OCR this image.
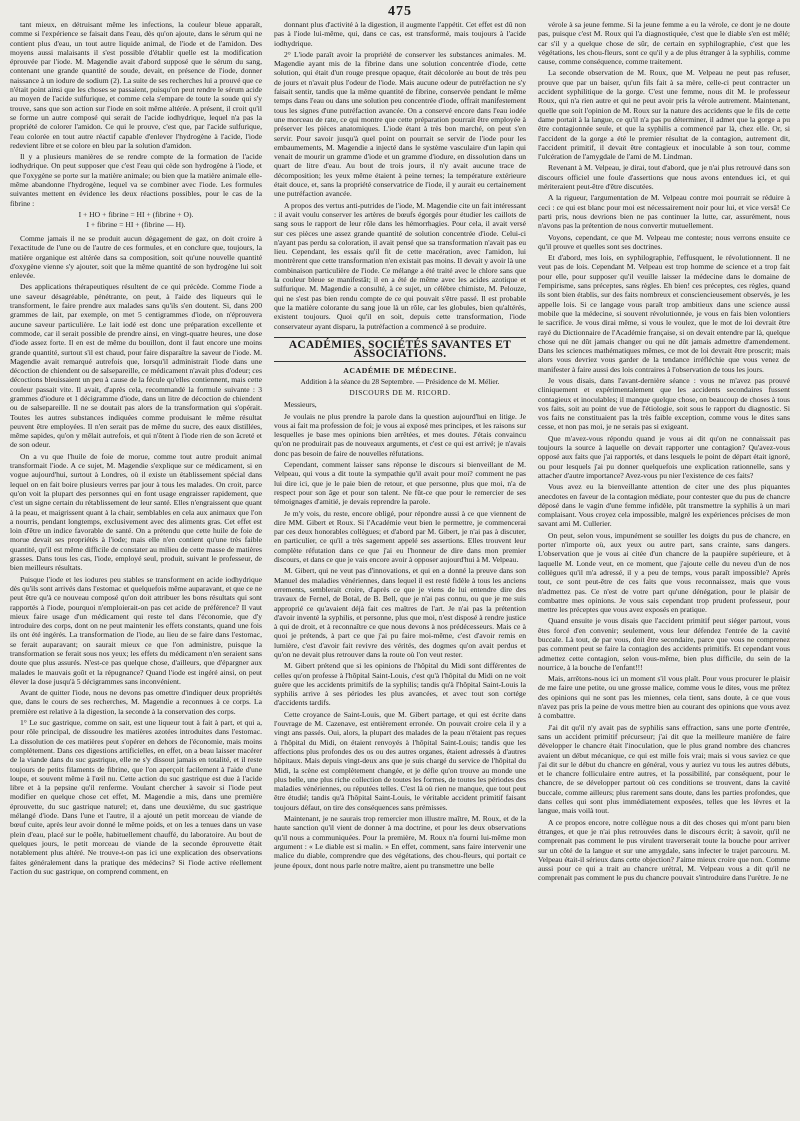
475

tant mieux, en détruisant même les infections, la couleur bleue apparaît, comme si l'expérience se faisait dans l'eau, dès qu'on ajoute, dans le sérum qui ne contient plus d'eau, un tout autre liquide animal, de l'iode et de l'amidon. Des moyens aussi malaisants il s'est possible d'établir quelle est la modification éprouvée par l'iode. M. Magendie avait d'abord supposé que le sérum du sang, contenant une grande quantité de soude, devait, en présence de l'iode, donner naissance à un iodure de sodium (2). La suite de ses recherches lui a prouvé que ce n'était point ainsi que les choses se passaient, puisqu'on peut rendre le sérum acide au moyen de l'acide sulfurique, et comme cela s'empare de toute la soude qui s'y trouve, sans que son action sur l'iode en soit même altérée. A présent, il croit qu'il se forme un autre composé qui serait de l'acide iodhydrique, lequel n'a pas la propriété de colorer l'amidon. Ce qui le prouve, c'est que, par l'acide sulfurique, l'eau colorée en tout autre réactif capable d'enlever l'hydrogène à l'acide, l'iode redevient libre et se colore en bleu par la solution d'amidon.

Il y a plusieurs manières de se rendre compte de la formation de l'acide iodhydrique. On peut supposer que c'est l'eau qui cède son hydrogène à l'iode, et que l'oxygène se porte sur la matière animale; ou bien que la matière animale elle-même abandonne l'hydrogène, lequel va se combiner avec l'iode. Les formules suivantes mettent en évidence les deux réactions possibles, pour le cas de la fibrine :

I + HO + fibrine = HI + (fibrine + O).
I + fibrine = HI + (fibrine — H).

Comme jamais il ne se produit aucun dégagement de gaz, on doit croire à l'exactitude de l'une ou de l'autre de ces formules, et en conclure que, toujours, la matière organique est altérée dans sa composition, soit qu'une nouvelle quantité d'oxygène vienne s'y ajouter, soit que la même quantité de son hydrogène lui soit enlevée.

Des applications thérapeutiques résultent de ce qui précède. Comme l'iode a une saveur désagréable, pénétrante, on peut, à l'aide des liqueurs qui le transforment, le faire prendre aux malades sans qu'ils s'en doutent. Si, dans 200 grammes de lait, par exemple, on met 5 centigrammes d'iode, on n'éprouvera aucune saveur particulière. Le lait iodé est donc une préparation excellente et commode, car il serait possible de prendre ainsi, en vingt-quatre heures, une dose d'iode assez forte. Il en est de même du bouillon, dont il faut encore une moins grande quantité, surtout s'il est chaud, pour faire disparaître la saveur de l'iode. M. Magendie avait remarqué autrefois que, lorsqu'il administrait l'iode dans une décoction de chiendent ou de salsepareille, ce médicament n'avait plus d'odeur; ces décoctions bleuissaient un peu à cause de la fécule qu'elles contiennent, mais cette couleur passait vite. Il avait, d'après cela, recommandé la formule suivante : 3 grammes d'iodure et 1 décigramme d'iode, dans un litre de décoction de chiendent ou de salsepareille. Il ne se doutait pas alors de la transformation qui s'opérait. Toutes les autres substances indiquées comme produisant le même résultat peuvent être employées. Il n'en serait pas de même du sucre, des eaux distillées, même sapides, qu'on y mêlait autrefois, et qui n'ôtent à l'iode rien de son âcreté et de son odeur.

On a vu que l'huile de foie de morue, comme tout autre produit animal transformait l'iode. A ce sujet, M. Magendie s'explique sur ce médicament, si en vogue aujourd'hui, surtout à Londres, où il existe un établissement spécial dans lequel on en fait boire plusieurs verres par jour à tous les malades. On croit, parce qu'on voit la plupart des personnes qui en font usage engraisser rapidement, que c'est un signe certain du rétablissement de leur santé. Elles n'engraissent que quant à la peau, et maigrissent quant à la chair, semblables en cela aux animaux que l'on a nourris, pendant longtemps, exclusivement avec des aliments gras. Cet effet est loin d'être un indice favorable de santé. On a prétendu que cette huile de foie de morue devait ses propriétés à l'iode; mais elle n'en contient qu'une très faible quantité, qu'il est même difficile de constater au milieu de cette masse de matières grasses. Dans tous les cas, l'iode, employé seul, produit, suivant le professeur, de bien meilleurs résultats.

Puisque l'iode et les iodures peu stables se transforment en acide iodhydrique dès qu'ils sont arrivés dans l'estomac et quelquefois même auparavant, et que ce ne peut être qu'à ce nouveau composé qu'on doit attribuer les bons résultats qui sont rapportés à l'iode, pourquoi n'emploierait-on pas cet acide de préférence? Il vaut mieux faire usage d'un médicament qui reste tel dans l'économie, que d'y introduire des corps, dont on ne peut maintenir les effets constants, quand une fois ils ont été ingérés. La transformation de l'iode, au lieu de se faire dans l'estomac, se ferait auparavant; on saurait mieux ce que l'on administre, puisque la transformation se ferait sous nos yeux; les effets du médicament n'en seraient sans doute que plus assurés. N'est-ce pas quelque chose, d'ailleurs, que d'épargner aux malades le mauvais goût et la répugnance? Quand l'iode est ingéré ainsi, on peut élever la dose jusqu'à 5 décigrammes sans inconvénient.

Avant de quitter l'iode, nous ne devons pas omettre d'indiquer deux propriétés que, dans le cours de ses recherches, M. Magendie a reconnues à ce corps. La première est relative à la digestion, la seconde à la conservation des corps.

1° Le suc gastrique, comme on sait, est une liqueur tout à fait à part, et qui a, pour rôle principal, de dissoudre les matières azotées introduites dans l'estomac. La dissolution de ces matières peut s'opérer en dehors de l'économie, mais moins complètement. Dans ces digestions artificielles, en effet, on a beau laisser macérer de la viande dans du suc gastrique, elle ne s'y dissout jamais en totalité, et il reste toujours de petits filaments de fibrine, que l'on aperçoit facilement à l'aide d'une loupe, et souvent même à l'œil nu. Cette action du suc gastrique est due à l'acide libre et à la pepsine qu'il renferme. Voulant chercher à savoir si l'iode peut modifier en quelque chose cet effet, M. Magendie a mis, dans une première éprouvette, du suc gastrique naturel; et, dans une deuxième, du suc gastrique mélangé d'iode. Dans l'une et l'autre, il a ajouté un petit morceau de viande de bœuf cuite, après leur avoir donné le même poids, et on les a tenues dans un vase plein d'eau, placé sur le poêle, habituellement chauffé, du laboratoire. Au bout de quelques jours, le petit morceau de viande de la seconde éprouvette était notablement plus altéré. Ne trouve-t-on pas ici une explication des observations faites généralement dans la pratique des médecins? Si l'iode active réellement l'action du suc gastrique, on comprend comment, en

donnant plus d'activité à la digestion, il augmente l'appétit. Cet effet est dû non pas à l'iode lui-même, qui, dans ce cas, est transformé, mais toujours à l'acide iodhydrique.

2° L'iode paraît avoir la propriété de conserver les substances animales. M. Magendie ayant mis de la fibrine dans une solution concentrée d'iode, cette solution, qui était d'un rouge presque opaque, était décolorée au bout de très peu de jours et n'avait plus l'odeur de l'iode. Mais aucune odeur de putréfaction ne s'y faisait sentir, tandis que la même quantité de fibrine, conservée pendant le même temps dans l'eau ou dans une solution peu concentrée d'iode, offrait manifestement tous les signes d'une putréfaction avancée. On a conservé encore dans l'eau iodée une morceau de rate, ce qui montre que cette préparation pourrait être employée à préserver les pièces anatomiques. L'iode étant à très bon marché, on peut s'en servir. Pour savoir jusqu'à quel point on pourrait se servir de l'iode pour les embaumements, M. Magendie a injecté dans le système vasculaire d'un lapin qui venait de mourir un gramme d'iode et un gramme d'iodure, en dissolution dans un quart de litre d'eau. Au bout de trois jours, il n'y avait aucune trace de décomposition; les yeux même étaient à peine ternes; la température extérieure était douce, et, sans la propriété conservatrice de l'iode, il y aurait eu certainement une putréfaction avancée.

A propos des vertus anti-putrides de l'iode, M. Magendie cite un fait intéressant : il avait voulu conserver les artères de bœufs égorgés pour étudier les caillots de sang sous le rapport de leur rôle dans les hémorrhagies. Pour cela, il avait versé sur ces pièces une assez grande quantité de solution concentrée d'iode. Celui-ci n'ayant pas perdu sa coloration, il avait pensé que sa transformation n'avait pas eu lieu. Cependant, les essais qu'il fit de cette macération, avec l'amidon, lui montrèrent que cette transformation n'en existait pas moins. Il devait y avoir là une combinaison particulière de l'iode. Ce mélange a été traité avec le chlore sans que la couleur bleue se manifestât; il en a été de même avec les acides azotique et sulfurique. M. Magendie a consulté, à ce sujet, un célèbre chimiste, M. Pelouze, qui ne s'est pas bien rendu compte de ce qui pouvait s'être passé. Il est probable que la matière colorante du sang joue là un rôle, car les globules, bien qu'altérés, existent toujours. Quoi qu'il en soit, depuis cette transformation, l'iode conservateur ayant disparu, la putréfaction a commencé à se produire.

ACADÉMIES, SOCIÉTÉS SAVANTES ET ASSOCIATIONS.
ACADÉMIE DE MÉDECINE.
Addition à la séance du 28 Septembre. — Présidence de M. Mélier.
DISCOURS DE M. RICORD.

Messieurs,

Je voulais ne plus prendre la parole dans la question aujourd'hui en litige. Je vous ai fait ma profession de foi; je vous ai exposé mes principes, et les raisons sur lesquelles je base mes opinions bien arrêtées, et mes doutes. J'étais convaincu qu'on ne produirait pas de nouveaux arguments, et c'est ce qui est arrivé; je n'avais donc pas besoin de faire de nouvelles réfutations.

Cependant, comment laisser sans réponse le discours si bienveillant de M. Velpeau, qui vous a dit toute la sympathie qu'il avait pour moi? comment ne pas lui dire ici, que je le paie bien de retour, et que personne, plus que moi, n'a de respect pour son âge et pour son talent. Ne fût-ce que pour le remercier de ses témoignages d'amitié, je devais reprendre la parole.

Je m'y vois, du reste, encore obligé, pour répondre aussi à ce que viennent de dire MM. Gibert et Roux. Si l'Académie veut bien le permettre, je commencerai par ces deux honorables collègues; et d'abord par M. Gibert, je n'ai pas à discuter, en particulier, ce qu'il a très sagement appelé ses assertions. Elles trouvent leur complète réfutation dans ce que j'ai eu l'honneur de dire dans mon premier discours, et dans ce que je vais encore avoir à opposer aujourd'hui à M. Velpeau.

M. Gibert, qui ne veut pas d'innovations, et qui en a donné la preuve dans son Manuel des maladies vénériennes, dans lequel il est resté fidèle à tous les anciens errements, semblerait croire, d'après ce que je viens de lui entendre dire des travaux de Fernel, de Botal, de B. Bell, que je n'ai pas connu, ou que je me suis approprié ce qu'avaient déjà fait ces maîtres de l'art. Je n'ai pas la prétention d'avoir inventé la syphilis, et personne, plus que moi, n'est disposé à rendre justice à qui de droit, et à reconnaître ce que nous devons à nos prédécesseurs. Mais ce à quoi je prétends, à part ce que j'ai pu faire moi-même, c'est d'avoir remis en lumière, c'est d'avoir fait revivre des vérités, des dogmes qu'on avait perdus et qu'on ne devait plus retrouver dans la route où l'on veut rester.

M. Gibert prétend que si les opinions de l'hôpital du Midi sont différentes de celles qu'on professe à l'hôpital Saint-Louis, c'est qu'à l'hôpital du Midi on ne voit guère que les accidents primitifs de la syphilis; tandis qu'à l'hôpital Saint-Louis la syphilis arrive à ses périodes les plus avancées, et avec tout son cortége d'accidents tardifs.

Cette croyance de Saint-Louis, que M. Gibert partage, et qui est écrite dans l'ouvrage de M. Cazenave, est entièrement erronée. On pouvait croire cela il y a vingt ans passés. Oui, alors, la plupart des malades de la peau n'étaient pas reçues à l'hôpital du Midi, on étaient renvoyés à l'hôpital Saint-Louis; tandis que les affections plus profondes des os ou des autres organes, étaient adressés à d'autres hôpitaux. Mais depuis vingt-deux ans que je suis chargé du service de l'hôpital du Midi, la scène est complètement changée, et je défie qu'on trouve au monde une plus belle, une plus riche collection de toutes les formes, de toutes les périodes des maladies vénériennes, ou réputées telles. C'est là où rien ne manque, que tout peut être étudié; tandis qu'à l'hôpital Saint-Louis, le véritable accident primitif faisant toujours défaut, on tire des conséquences sans prémisses.

Maintenant, je ne saurais trop remercier mon illustre maître, M. Roux, et de la haute sanction qu'il vient de donner à ma doctrine, et pour les deux observations qu'il nous a communiquées. Pour la première, M. Roux n'a fourni lui-même mon argument : « Le diable est si malin. » En effet, comment, sans faire intervenir une malice du diable, comprendre que des végétations, des chou-fleurs, qui portait ce jeune époux, dont nous parle notre maître, aient pu transmettre une belle

vérole à sa jeune femme. Si la jeune femme a eu la vérole, ce dont je ne doute pas, puisque c'est M. Roux qui l'a diagnostiquée, c'est que le diable s'en est mêlé; car s'il y a quelque chose de sûr, de certain en syphilographie, c'est que les végétations, les chou-fleurs, sont ce qu'il y a de plus étranger à la syphilis, comme cause, comme conséquence, comme traitement.

La seconde observation de M. Roux, que M. Velpeau ne peut pas refuser, prouve que par un baiser, qu'un fils fait à sa mère, celle-ci peut contracter un accident syphilitique de la gorge. C'est une femme, nous dit M. le professeur Roux, qui n'a rien autre et qui ne peut avoir pris la vérole autrement. Maintenant, quelle que soit l'opinion de M. Roux sur la nature des accidents que le fils de cette dame portait à la langue, ce qu'il n'a pas pu déterminer, il admet que la gorge a pu être contagionnée seule, et que la syphilis a commencé par là, chez elle. Or, si l'accident de la gorge a été le premier résultat de la contagion, autrement dit, l'accident primitif, il devait être contagieux et inoculable à son tour, comme l'ulcération de l'amygdale de l'ami de M. Lindman.

Revenant à M. Velpeau, je dirai, tout d'abord, que je n'ai plus retrouvé dans son discours officiel une foule d'assertions que nous avons entendues ici, et qui mériteraient peut-être d'être discutées.

A la rigueur, l'argumentation de M. Velpeau contre moi pourrait se réduire à ceci : ce qui est blanc pour moi est nécessairement noir pour lui, et vice versâ! Ce parti pris, nous devrions bien ne pas continuer la lutte, car, assurément, nous n'avons pas la prétention de nous convertir mutuellement.

Voyons, cependant, ce que M. Velpeau me conteste; nous verrons ensuite ce qu'il prouve et quelles sont ses doctrines.

Et d'abord, mes lois, en syphilographie, l'effusquent, le révolutionnent. Il ne veut pas de lois. Cependant M. Velpeau est trop homme de science et a trop fait pour elle, pour supposer qu'il veuille laisser la médecine dans le domaine de l'empirisme, sans préceptes, sans règles. Eh bien! ces préceptes, ces règles, quand ils sont bien établis, sur des faits nombreux et consciencieusement observés, je les appelle lois. Si ce langage vous paraît trop ambitieux dans une science aussi mobile que la médecine, si souvent révolutionnée, je vous en fais bien volontiers le sacrifice. Je vous dirai même, si vous le voulez, que le mot de loi devrait être rayé du Dictionnaire de l'Académie française, si on devait entendre par là, quelque chose qui ne dût jamais changer ou qui ne dût jamais admettre d'amendement. Dans les sciences mathématiques mêmes, ce mot de loi devrait être proscrit; mais alors vous devriez vous garder de la tendance irréfléchie que vous venez de manifester à faire aussi des lois contraires à l'observation de tous les jours.

Je vous disais, dans l'avant-dernière séance : vous ne m'avez pas prouvé cliniquement et expérimentalement que les accidents secondaires fussent contagieux et inoculables; il manque quelque chose, on beaucoup de choses à tous vos faits, soit au point de vue de l'étiologie, soit sous le rapport du diagnostic. Si vos faits ne constituaient pas la très faible exception, comme vous le dites sans cesse, et non pas moi, je ne serais pas si exigeant.

Que m'avez-vous répondu quand je vous ai dit qu'on ne connaissait pas toujours la source à laquelle on devait rapporter une contagion? Qu'avez-vous opposé aux faits que j'ai rapportés, et dans lesquels le point de départ était ignoré, ou pour lesquels j'ai pu donner quelquefois une explication rationnelle, sans y attacher d'autre importance? Avez-vous pu nier l'existence de ces faits?

Vous avez eu la bienveillante attention de citer une des plus piquantes anecdotes en faveur de la contagion médiate, pour contester que du pus de chancre déposé dans le vagin d'une femme infidèle, pût transmettre la syphilis à un mari complaisant. Vous croyez cela impossible, malgré les expériences précises de mon savant ami M. Cullerier.

On peut, selon vous, impunément se souiller les doigts du pus de chancre, en porter n'importe où, aux yeux ou autre part, sans crainte, sans dangers. L'observation que je vous ai citée d'un chancre de la paupière supérieure, et à laquelle M. Londe veut, en ce moment, que j'ajoute celle du neveu d'un de nos collègues qu'il m'a adressé, il y a peu de temps, vous paraît impossible? Après tout, ce sont peut-être de ces faits que vous reconnaissez, mais que vous n'admettez pas. Ce n'est de votre part qu'une dénégation, pour le plaisir de combattre mes opinions. Je vous sais cependant trop prudent professeur, pour mettre les préceptes que vous avez exposés en pratique.

Quand ensuite je vous disais que l'accident primitif peut siéger partout, vous êtes forcé d'en convenir; seulement, vous leur défendez l'entrée de la cavité buccale. Là tout, de par vous, doit être secondaire, parce que vous ne comprenez pas comment peut se faire la contagion des accidents primitifs. Et cependant vous admettez cette contagion, selon vous-même, bien plus difficile, du sein de la nourrice, à la bouche de l'enfant!!!

Mais, arrêtons-nous ici un moment s'il vous plaît. Pour vous procurer le plaisir de me faire une petite, ou une grosse malice, comme vous le dites, vous me prêtez des opinions qui ne sont pas les miennes, cela tient, sans doute, à ce que vous n'avez pas pris la peine de vous mettre bien au courant des opinions que vous avez à combattre.

J'ai dit qu'il n'y avait pas de syphilis sans effraction, sans une porte d'entrée, sans un accident primitif précurseur; j'ai dit que la meilleure manière de faire développer le chancre était l'inoculation, que le plus grand nombre des chancres avaient un début mécanique, ce qui est mille fois vrai; mais si vous saviez ce que j'ai dit sur le début du chancre en général, vous y auriez vu tous les autres débuts, et le chancre folliculaire entre autres, et la possibilité, par conséquent, pour le chancre, de se développer partout où ces conditions se trouvent, dans la cavité buccale, comme ailleurs; plus rarement sans doute, dans les parties profondes, que dans celles qui sont plus immédiatement exposées, telles que les lèvres et la langue, mais voilà tout.

A ce propos encore, notre collègue nous a dit des choses qui m'ont paru bien étranges, et que je n'ai plus retrouvées dans le discours écrit; à savoir, qu'il ne comprenait pas comment le pus virulent traverserait toute la bouche pour arriver sur un côté de la langue et sur une amygdale, sans infecter le trajet parcouru. M. Velpeau était-il sérieux dans cette objection? J'aime mieux croire que non. Comme aussi pour ce qui a trait au chancre urétral, M. Velpeau vous a dit qu'il ne comprenait pas comment le pus du chancre pouvait s'introduire dans l'urètre. Je ne
